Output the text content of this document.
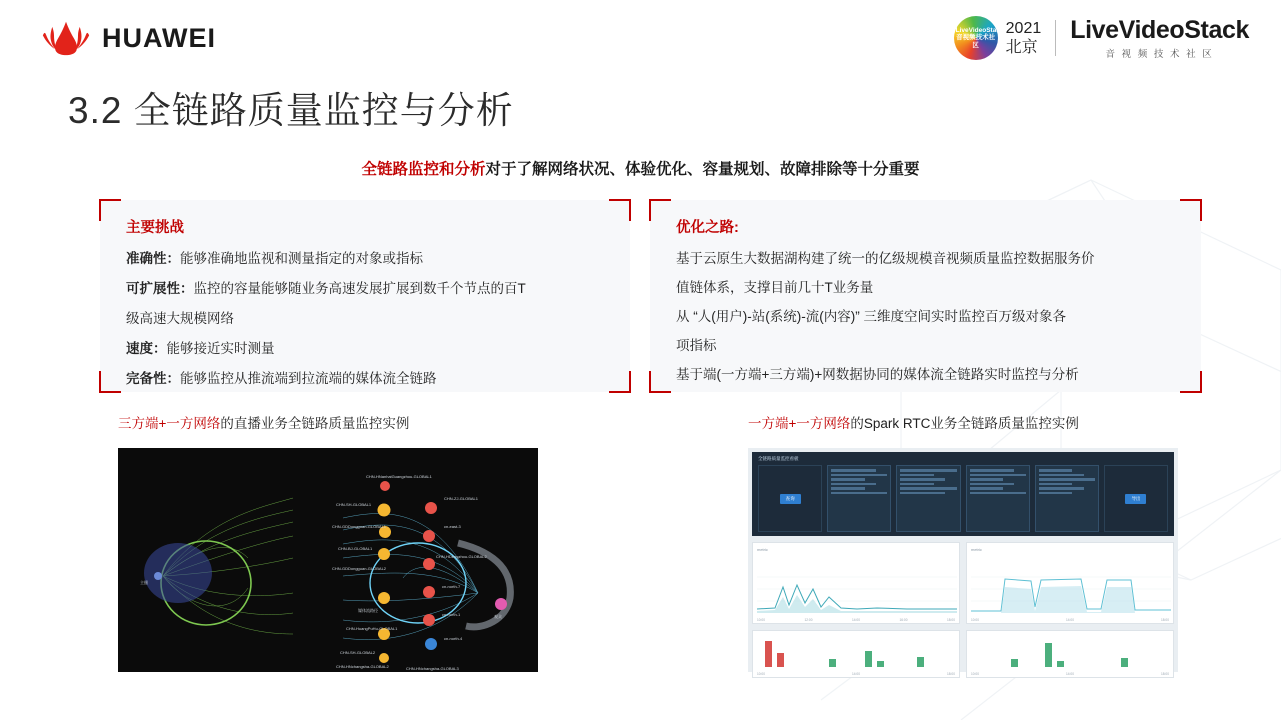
HUAWEI	LiveVideoStack 音视频技术社区
2021
北京
LiveVideoStack
音 视 频 技 术 社 区
3.2 全链路质量监控与分析
全链路监控和分析对于了解网络状况、体验优化、容量规划、故障排除等十分重要
主要挑战

准确性：能够准确地监视和测量指定的对象或指标

可扩展性：监控的容量能够随业务高速发展扩展到数千个节点的百T

级高速大规模网络

速度：能够接近实时测量

完备性：能够监控从推流端到拉流端的媒体流全链路

优化之路:

基于云原生大数据湖构建了统一的亿级规模音视频质量监控数据服务价

值链体系，支撑目前几十T业务量

从 “人(用户)-站(系统)-流(内容)” 三维度空间实时监控百万级对象各

项指标

基于端(一方端+三方端)+网数据协同的媒体流全链路实时监控与分析

三方端+一方网络的直播业务全链路质量监控实例	一方端+一方网络的Spark RTC业务全链路质量监控实例
CHN-HNanhaiGuangzhou-GLOBAL1
CHN-ZJ-GLOBAL1
CHN-SH-GLOBAL1
cn-east-3
CHN-GDDongguan-GLOBAL1
CHN-BJ-GLOBAL1
CHN-HDengzhou-GLOBAL2
CHN-GDDongguan-GLOBAL2
cn-north-7
cn-north-1
媒体流路径
CHN-HuangPuHu-GLOBAL1
cn-north-4
CHN-SH-GLOBAL2
CHN-HNchangsha-GLOBAL2	CHN-HNchangsha-GLOBAL3
主播
观众
全链路质量监控看板
查询	导出
metric
10:00	12:00	14:00	16:00	18:00
metric
10:00	14:00	18:00
10:00	14:00	18:00	10:00	14:00	18:00
